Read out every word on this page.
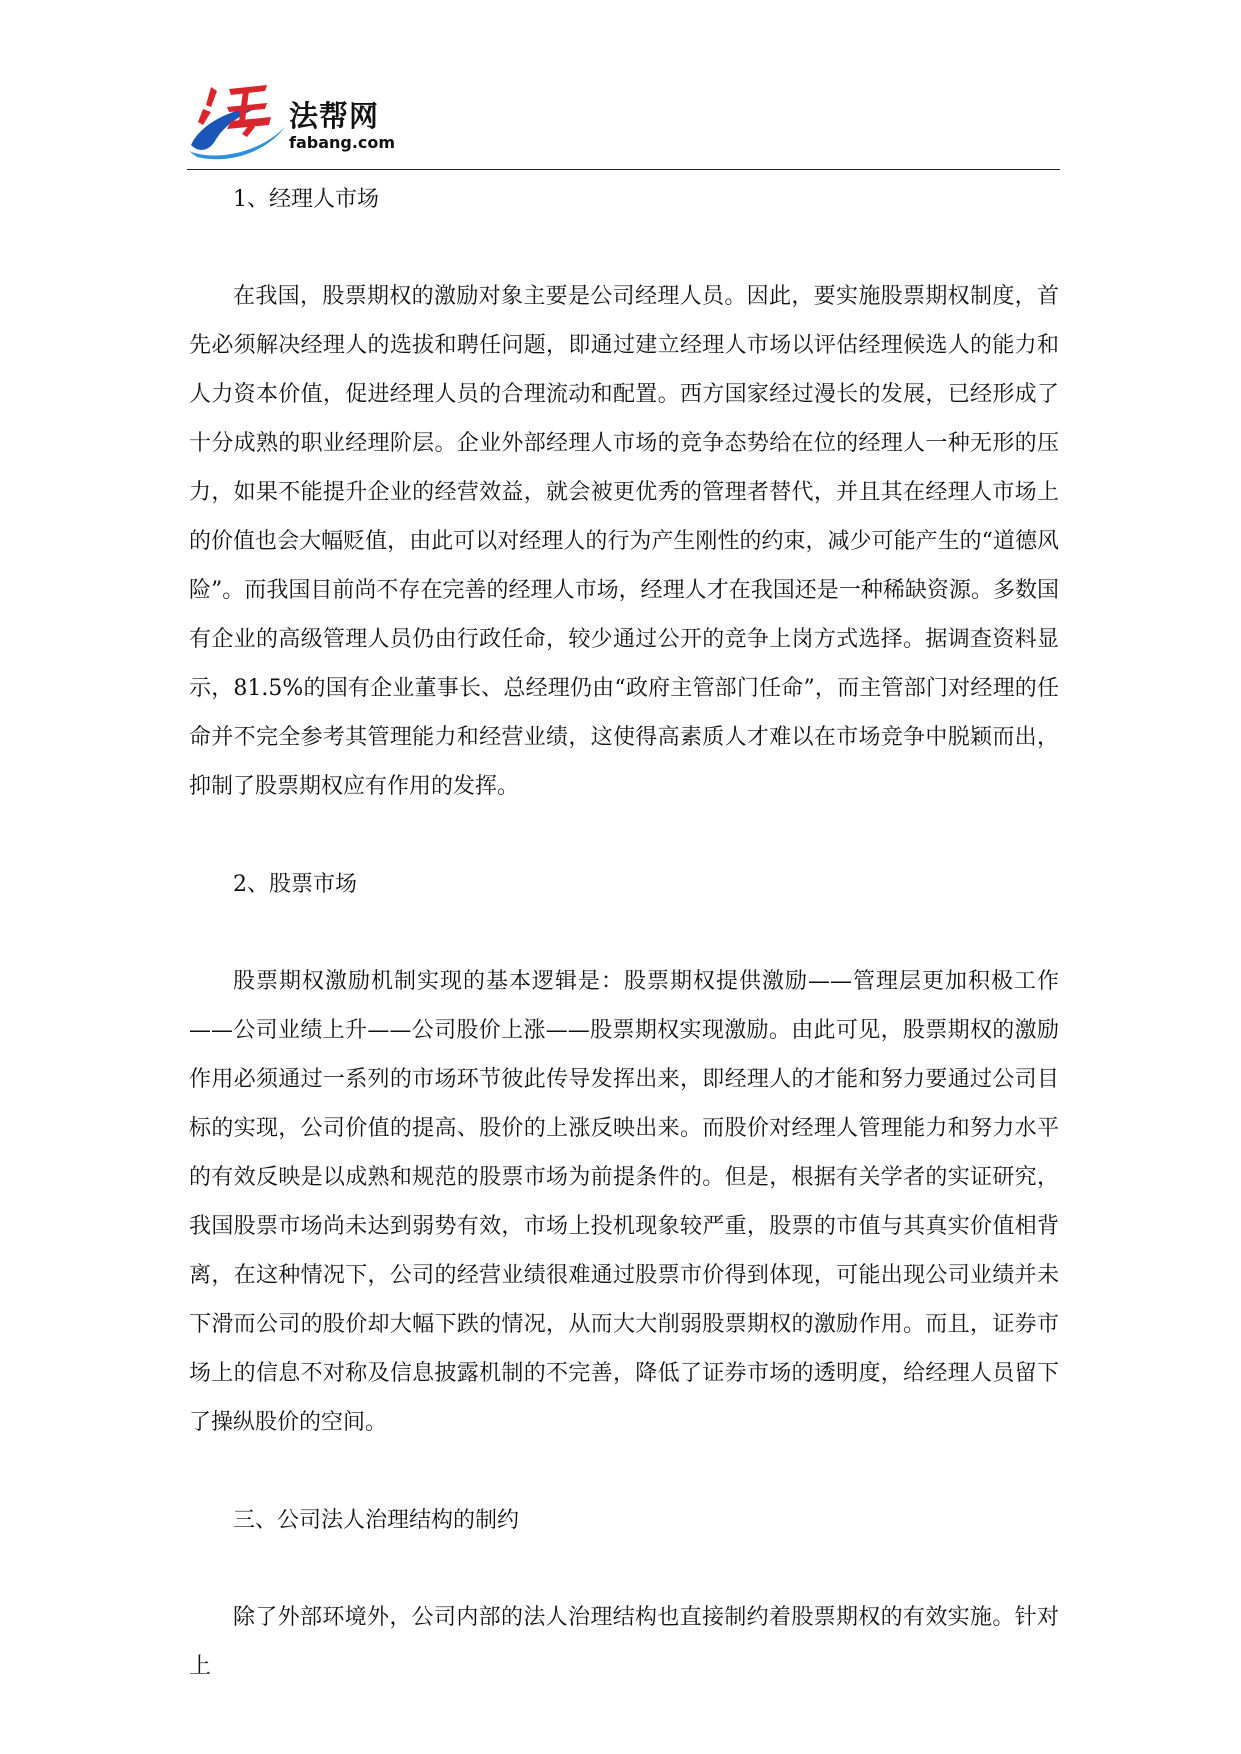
法帮网
fabang.com

1、经理人市场

在我国，股票期权的激励对象主要是公司经理人员。因此，要实施股票期权制度，首先必须解决经理人的选拔和聘任问题，即通过建立经理人市场以评估经理候选人的能力和人力资本价值，促进经理人员的合理流动和配置。西方国家经过漫长的发展，已经形成了十分成熟的职业经理阶层。企业外部经理人市场的竞争态势给在位的经理人一种无形的压力，如果不能提升企业的经营效益，就会被更优秀的管理者替代，并且其在经理人市场上的价值也会大幅贬值，由此可以对经理人的行为产生刚性的约束，减少可能产生的“道德风险”。而我国目前尚不存在完善的经理人市场，经理人才在我国还是一种稀缺资源。多数国有企业的高级管理人员仍由行政任命，较少通过公开的竞争上岗方式选择。据调查资料显示，81.5%的国有企业董事长、总经理仍由“政府主管部门任命”，而主管部门对经理的任命并不完全参考其管理能力和经营业绩，这使得高素质人才难以在市场竞争中脱颖而出，抑制了股票期权应有作用的发挥。

2、股票市场

股票期权激励机制实现的基本逻辑是：股票期权提供激励——管理层更加积极工作——公司业绩上升——公司股价上涨——股票期权实现激励。由此可见，股票期权的激励作用必须通过一系列的市场环节彼此传导发挥出来，即经理人的才能和努力要通过公司目标的实现，公司价值的提高、股价的上涨反映出来。而股价对经理人管理能力和努力水平的有效反映是以成熟和规范的股票市场为前提条件的。但是，根据有关学者的实证研究，我国股票市场尚未达到弱势有效，市场上投机现象较严重，股票的市值与其真实价值相背离，在这种情况下，公司的经营业绩很难通过股票市价得到体现，可能出现公司业绩并未下滑而公司的股价却大幅下跌的情况，从而大大削弱股票期权的激励作用。而且，证券市场上的信息不对称及信息披露机制的不完善，降低了证券市场的透明度，给经理人员留下了操纵股价的空间。

三、公司法人治理结构的制约

除了外部环境外，公司内部的法人治理结构也直接制约着股票期权的有效实施。针对上
